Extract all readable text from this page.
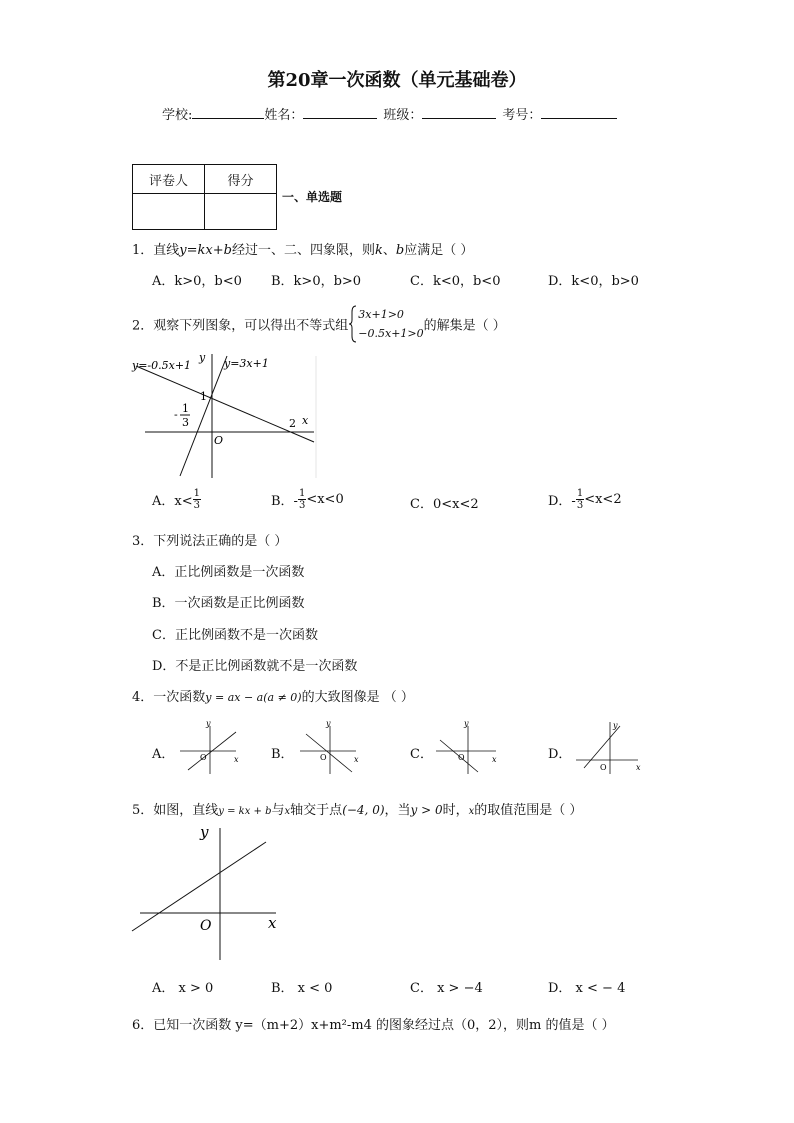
第20章一次函数（单元基础卷）
学校:	姓名：	班级：	考号：
评卷人	得分

一、单选题
1．直线y=kx+b经过一、二、四象限，则k、b应满足（ ）
A．k>0，b<0 B．k>0，b>0	C．k<0，b<0	D．k<0，b>0
2．观察下列图象，可以得出不等式组
3x+1>0
−0.5x+1>0 的解集是（ ）
y=-0.5x+1	y=3x+1
y
x
O
1
2
- 1
3
A．$x< \frac{1}{3}$	B．- $\frac{1}{3} <x<0$	C．0<x<2	D．- $\frac{1}{3} <x<2$
3．下列说法正确的是（ ）
A．正比例函数是一次函数
B．一次函数是正比例函数
C．正比例函数不是一次函数
D．不是正比例函数就不是一次函数
4．一次函数y = ax − a(a ≠ 0)的大致图像是 （ ）
A．
y
x
O	B．
y
x
O	C．
y
x
O	D．
y
x
O
5．如图，直线y = kx + b与x轴交于点(−4, 0)，当y > 0时，x的取值范围是（ ）
y
x
O
A． x > 0	B． x < 0	C． x > −4	D． x < − 4
6．已知一次函数 y=（m+2）x+m²-m4 的图象经过点（0，2），则m 的值是（ ）
